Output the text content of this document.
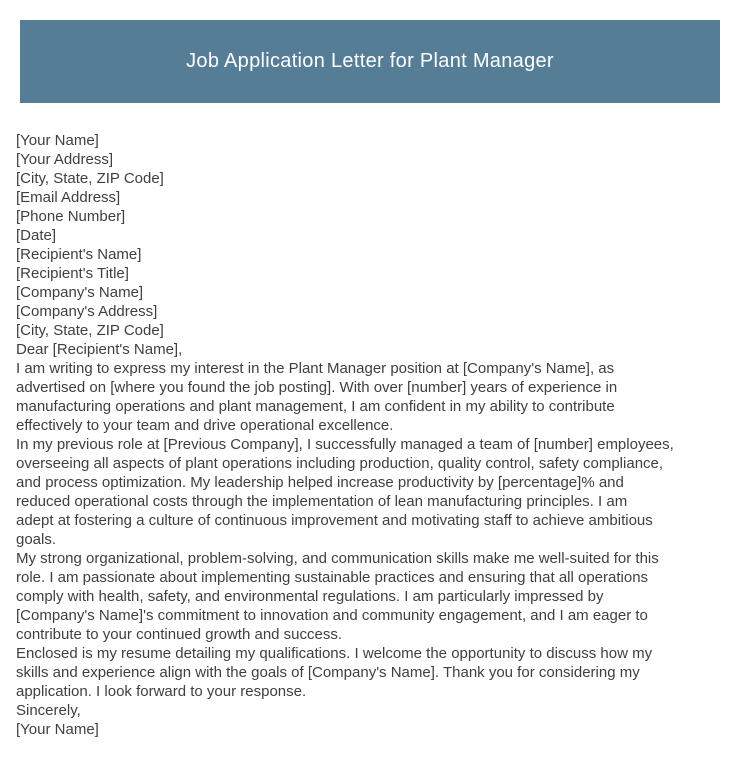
Job Application Letter for Plant Manager
[Your Name]
[Your Address]
[City, State, ZIP Code]
[Email Address]
[Phone Number]
[Date]
[Recipient's Name]
[Recipient's Title]
[Company's Name]
[Company's Address]
[City, State, ZIP Code]
Dear [Recipient's Name],
I am writing to express my interest in the Plant Manager position at [Company's Name], as
advertised on [where you found the job posting]. With over [number] years of experience in
manufacturing operations and plant management, I am confident in my ability to contribute
effectively to your team and drive operational excellence.
In my previous role at [Previous Company], I successfully managed a team of [number] employees,
overseeing all aspects of plant operations including production, quality control, safety compliance,
and process optimization. My leadership helped increase productivity by [percentage]% and
reduced operational costs through the implementation of lean manufacturing principles. I am
adept at fostering a culture of continuous improvement and motivating staff to achieve ambitious
goals.
My strong organizational, problem-solving, and communication skills make me well-suited for this
role. I am passionate about implementing sustainable practices and ensuring that all operations
comply with health, safety, and environmental regulations. I am particularly impressed by
[Company's Name]'s commitment to innovation and community engagement, and I am eager to
contribute to your continued growth and success.
Enclosed is my resume detailing my qualifications. I welcome the opportunity to discuss how my
skills and experience align with the goals of [Company's Name]. Thank you for considering my
application. I look forward to your response.
Sincerely,
[Your Name]
